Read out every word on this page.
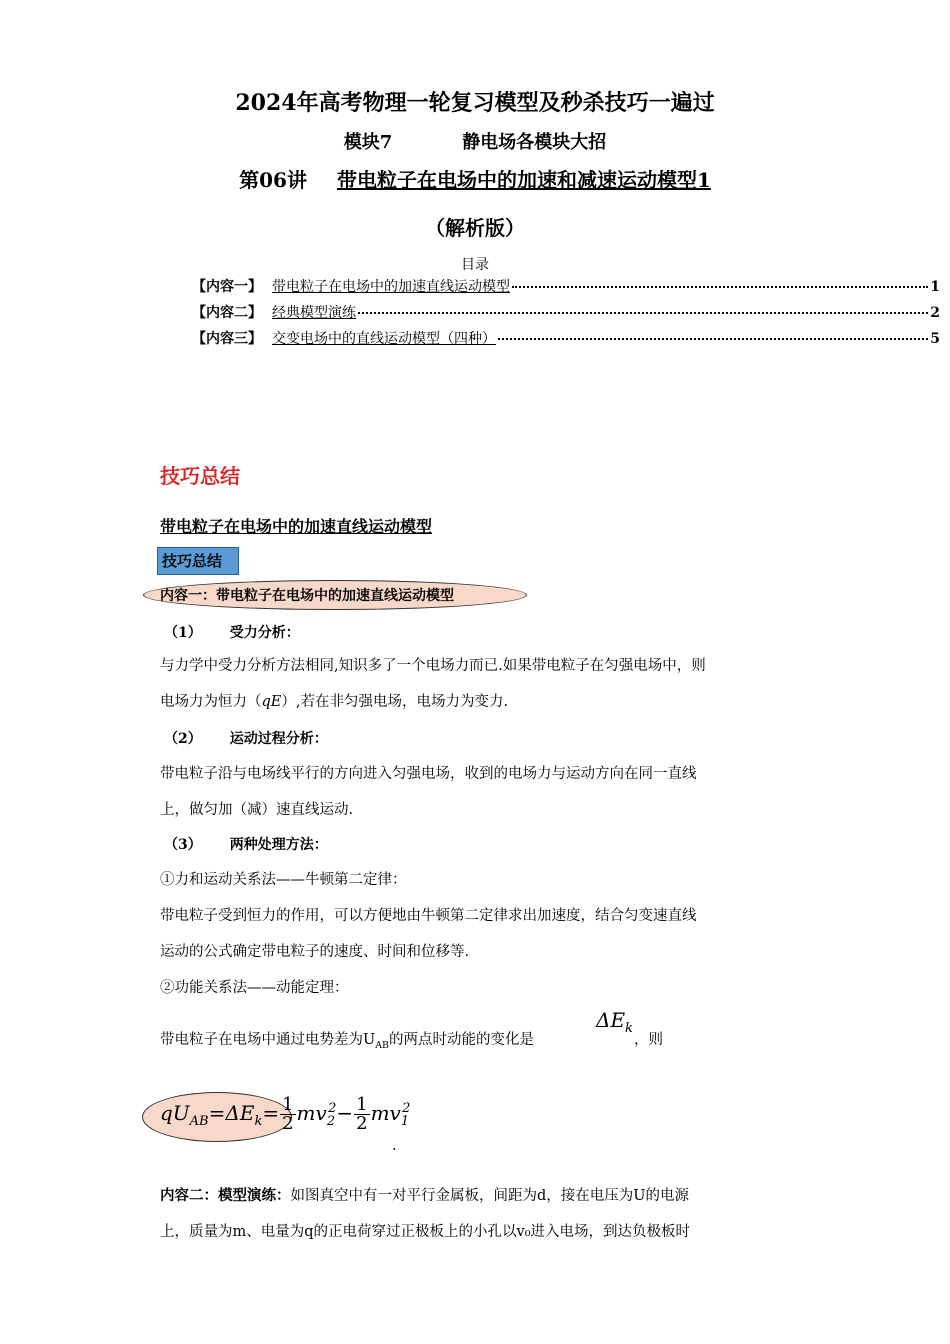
2024年高考物理一轮复习模型及秒杀技巧一遍过
模块7	静电场各模块大招
第06讲 带电粒子在电场中的加速和减速运动模型1
（解析版）
目录
【内容一】 带电粒子在电场中的加速直线运动模型	1
【内容二】 经典模型演练	2
【内容三】 交变电场中的直线运动模型（四种）	5
技巧总结
带电粒子在电场中的加速直线运动模型
技巧总结
内容一：带电粒子在电场中的加速直线运动模型
（1） 受力分析：
与力学中受力分析方法相同,知识多了一个电场力而已.如果带电粒子在匀强电场中，则
电场力为恒力（qE）,若在非匀强电场，电场力为变力.
（2） 运动过程分析：
带电粒子沿与电场线平行的方向进入匀强电场，收到的电场力与运动方向在同一直线
上，做匀加（减）速直线运动.
（3） 两种处理方法：
①力和运动关系法——牛顿第二定律：
带电粒子受到恒力的作用，可以方便地由牛顿第二定律求出加速度，结合匀变速直线
运动的公式确定带电粒子的速度、时间和位移等.
②功能关系法——动能定理：
带电粒子在电场中通过电势差为$U_{AB}$的两点时动能的变化是
$\Delta E_k$
，则
$qU_{AB}=\Delta E_k= \frac{1}{2} mv_2^2- \frac{1}{2} mv_1^2$
.
内容二：模型演练：如图真空中有一对平行金属板，间距为d，接在电压为U的电源
上，质量为m、电量为q的正电荷穿过正极板上的小孔以v₀进入电场，到达负极板时
